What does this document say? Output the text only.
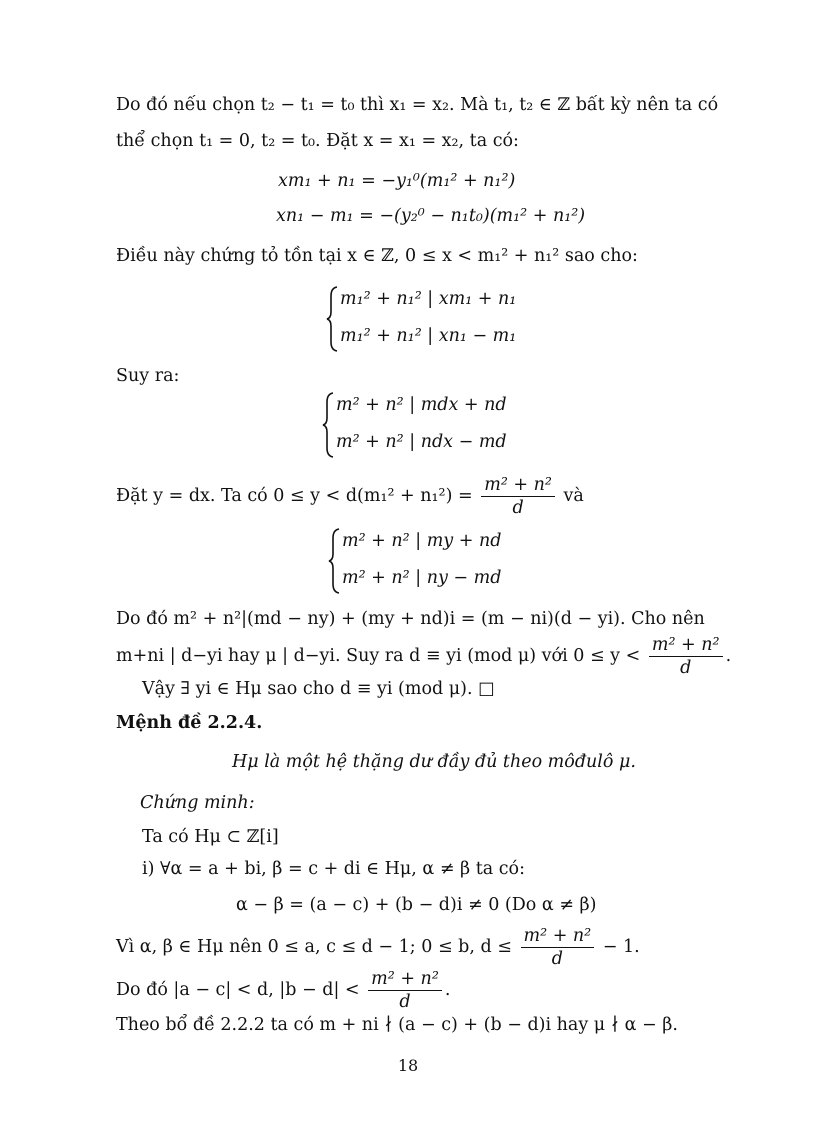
Do đó nếu chọn t₂ − t₁ = t₀ thì x₁ = x₂. Mà t₁, t₂ ∈ ℤ bất kỳ nên ta có
thể chọn t₁ = 0, t₂ = t₀. Đặt x = x₁ = x₂, ta có:
xm₁ + n₁ = −y₁⁰(m₁² + n₁²)
xn₁ − m₁ = −(y₂⁰ − n₁t₀)(m₁² + n₁²)
Điều này chứng tỏ tồn tại x ∈ ℤ, 0 ≤ x < m₁² + n₁² sao cho:
m₁² + n₁² | xm₁ + n₁
m₁² + n₁² | xn₁ − m₁
Suy ra:
m² + n² | mdx + nd
m² + n² | ndx − md
Đặt y = dx. Ta có $0 \le y < d(m_1^2 + n_1^2) = \frac{\text{m² + n²}}{d}$ và
m² + n² | my + nd
m² + n² | ny − md
Do đó m² + n²|(md − ny) + (my + nd)i = (m − ni)(d − yi). Cho nên
m+ni | d−yi hay μ | d−yi. Suy ra d ≡ yi (mod μ) với $0 \le y < \frac{\text{m² + n²}}{d}$ .
Vậy ∃ yi ∈ Hμ sao cho d ≡ yi (mod μ). □
Mệnh đề 2.2.4.
Hμ là một hệ thặng dư đầy đủ theo môđulô μ.
Chứng minh:
Ta có Hμ ⊂ ℤ[i]
i) ∀α = a + bi, β = c + di ∈ Hμ, α ≠ β ta có:
α − β = (a − c) + (b − d)i ≠ 0 (Do α ≠ β)
Vì α, β ∈ Hμ nên 0 ≤ a, c ≤ d − 1; 0 ≤ b, $d \le \frac{\text{m² + n²}}{d} - 1$.
Do đó |a − c| < d, $|b - d| < \frac{\text{m² + n²}}{d}$ .
Theo bổ đề 2.2.2 ta có m + ni ∤ (a − c) + (b − d)i hay μ ∤ α − β.
18
